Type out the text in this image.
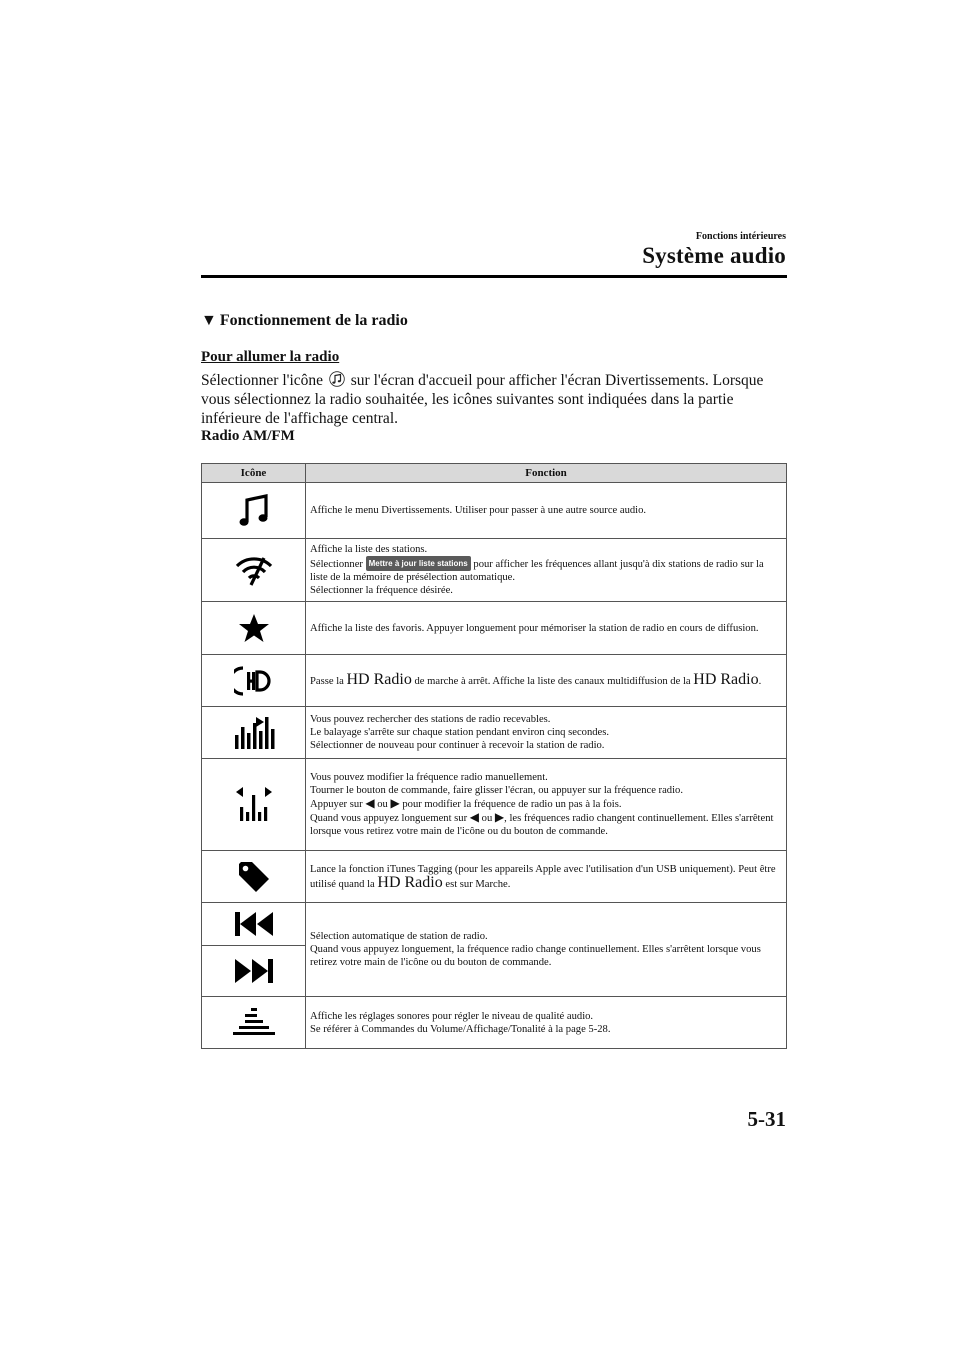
Fonctions intérieures
Système audio
▼ Fonctionnement de la radio
Pour allumer la radio
Sélectionner l'icône sur l'écran d'accueil pour afficher l'écran Divertissements. Lorsque vous sélectionnez la radio souhaitée, les icônes suivantes sont indiquées dans la partie inférieure de l'affichage central.
Radio AM/FM
Icône	Fonction

	Affiche le menu Divertissements. Utiliser pour passer à une autre source audio.

Affiche la liste des stations.
Sélectionner Mettre à jour liste stations pour afficher les fréquences allant jusqu'à dix stations de radio sur la liste de la mémoire de présélection automatique.
Sélectionner la fréquence désirée.

	Affiche la liste des favoris. Appuyer longuement pour mémoriser la station de radio en cours de diffusion.

	Passe la HD Radio de marche à arrêt. Affiche la liste des canaux multidiffusion de la HD Radio.

Vous pouvez rechercher des stations de radio recevables.
Le balayage s'arrête sur chaque station pendant environ cinq secondes.
Sélectionner de nouveau pour continuer à recevoir la station de radio.

Vous pouvez modifier la fréquence radio manuellement.
Tourner le bouton de commande, faire glisser l'écran, ou appuyer sur la fréquence radio.
Appuyer sur ◀ ou ▶ pour modifier la fréquence de radio un pas à la fois.
Quand vous appuyez longuement sur ◀ ou ▶, les fréquences radio changent continuellement. Elles s'arrêtent lorsque vous retirez votre main de l'icône ou du bouton de commande.

	Lance la fonction iTunes Tagging (pour les appareils Apple avec l'utilisation d'un USB uniquement). Peut être utilisé quand la HD Radio est sur Marche.

Sélection automatique de station de radio.
Quand vous appuyez longuement, la fréquence radio change continuellement. Elles s'arrêtent lorsque vous retirez votre main de l'icône ou du bouton de commande.

Affiche les réglages sonores pour régler le niveau de qualité audio.
Se référer à Commandes du Volume/Affichage/Tonalité à la page 5-28.
5-31
